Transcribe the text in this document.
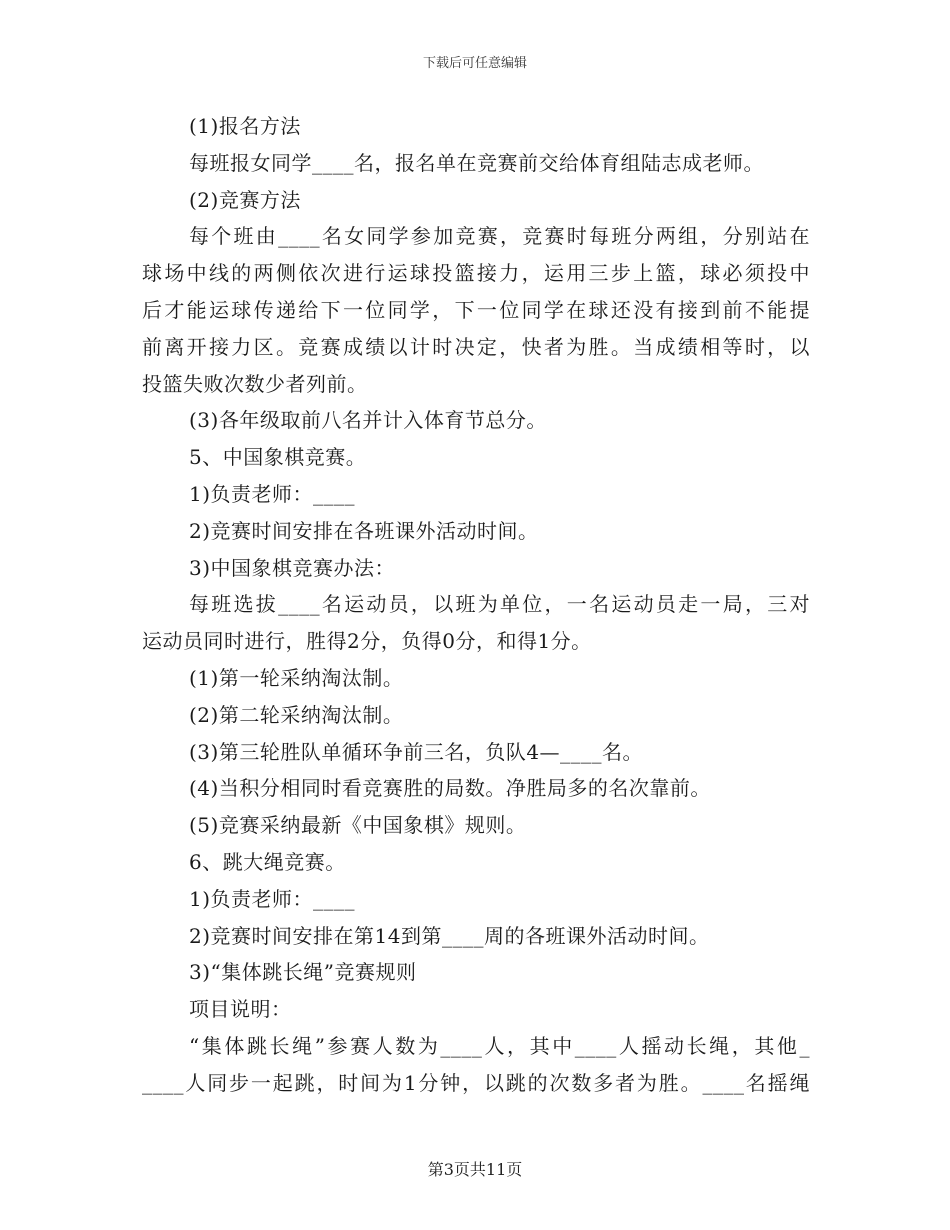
下载后可任意编辑
(1)报名方法
每班报女同学____名，报名单在竞赛前交给体育组陆志成老师。
(2)竞赛方法
每个班由____名女同学参加竞赛，竞赛时每班分两组，分别站在
球场中线的两侧依次进行运球投篮接力，运用三步上篮，球必须投中
后才能运球传递给下一位同学，下一位同学在球还没有接到前不能提
前离开接力区。竞赛成绩以计时决定，快者为胜。当成绩相等时，以
投篮失败次数少者列前。
(3)各年级取前八名并计入体育节总分。
5、中国象棋竞赛。
1)负责老师：____
2)竞赛时间安排在各班课外活动时间。
3)中国象棋竞赛办法：
每班选拔____名运动员，以班为单位，一名运动员走一局，三对
运动员同时进行，胜得2分，负得0分，和得1分。
(1)第一轮采纳淘汰制。
(2)第二轮采纳淘汰制。
(3)第三轮胜队单循环争前三名，负队4—____名。
(4)当积分相同时看竞赛胜的局数。净胜局多的名次靠前。
(5)竞赛采纳最新《中国象棋》规则。
6、跳大绳竞赛。
1)负责老师：____
2)竞赛时间安排在第14到第____周的各班课外活动时间。
3)“集体跳长绳”竞赛规则
项目说明：
“集体跳长绳”参赛人数为____人，其中____人摇动长绳，其他_
____人同步一起跳，时间为1分钟，以跳的次数多者为胜。____名摇绳
第3页共11页
